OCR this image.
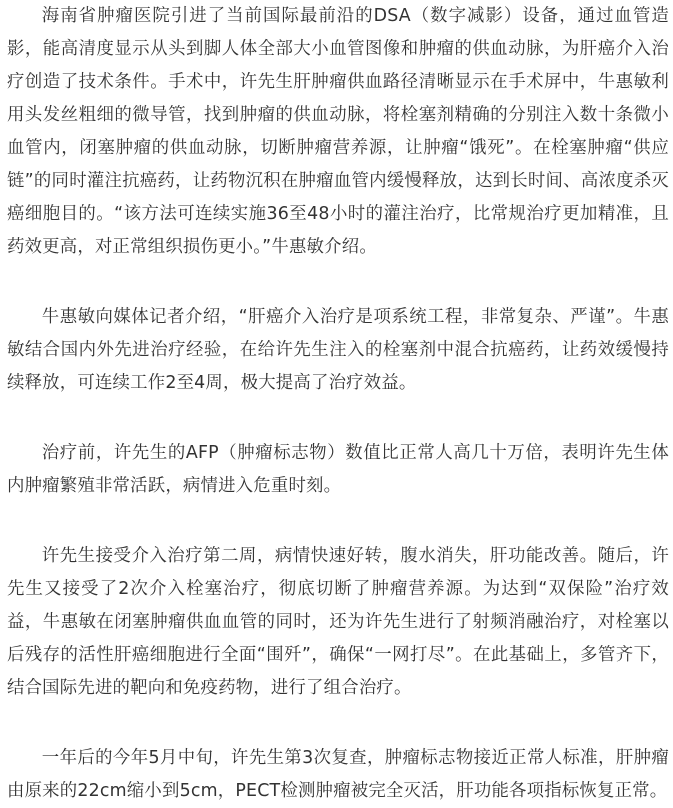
海南省肿瘤医院引进了当前国际最前沿的DSA（数字减影）设备，通过血管造影，能高清度显示从头到脚人体全部大小血管图像和肿瘤的供血动脉，为肝癌介入治疗创造了技术条件。手术中，许先生肝肿瘤供血路径清晰显示在手术屏中，牛惠敏利用头发丝粗细的微导管，找到肿瘤的供血动脉，将栓塞剂精确的分别注入数十条微小血管内，闭塞肿瘤的供血动脉，切断肿瘤营养源，让肿瘤“饿死”。在栓塞肿瘤“供应链”的同时灌注抗癌药，让药物沉积在肿瘤血管内缓慢释放，达到长时间、高浓度杀灭癌细胞目的。“该方法可连续实施36至48小时的灌注治疗，比常规治疗更加精准，且药效更高，对正常组织损伤更小。”牛惠敏介绍。

牛惠敏向媒体记者介绍，“肝癌介入治疗是项系统工程，非常复杂、严谨”。牛惠敏结合国内外先进治疗经验，在给许先生注入的栓塞剂中混合抗癌药，让药效缓慢持续释放，可连续工作2至4周，极大提高了治疗效益。

治疗前，许先生的AFP（肿瘤标志物）数值比正常人高几十万倍，表明许先生体内肿瘤繁殖非常活跃，病情进入危重时刻。

许先生接受介入治疗第二周，病情快速好转，腹水消失，肝功能改善。随后，许先生又接受了2次介入栓塞治疗，彻底切断了肿瘤营养源。为达到“双保险”治疗效益，牛惠敏在闭塞肿瘤供血血管的同时，还为许先生进行了射频消融治疗，对栓塞以后残存的活性肝癌细胞进行全面“围歼”，确保“一网打尽”。在此基础上，多管齐下，结合国际先进的靶向和免疫药物，进行了组合治疗。

一年后的今年5月中旬，许先生第3次复查，肿瘤标志物接近正常人标准，肝肿瘤由原来的22cm缩小到5cm，PECT检测肿瘤被完全灭活，肝功能各项指标恢复正常。
